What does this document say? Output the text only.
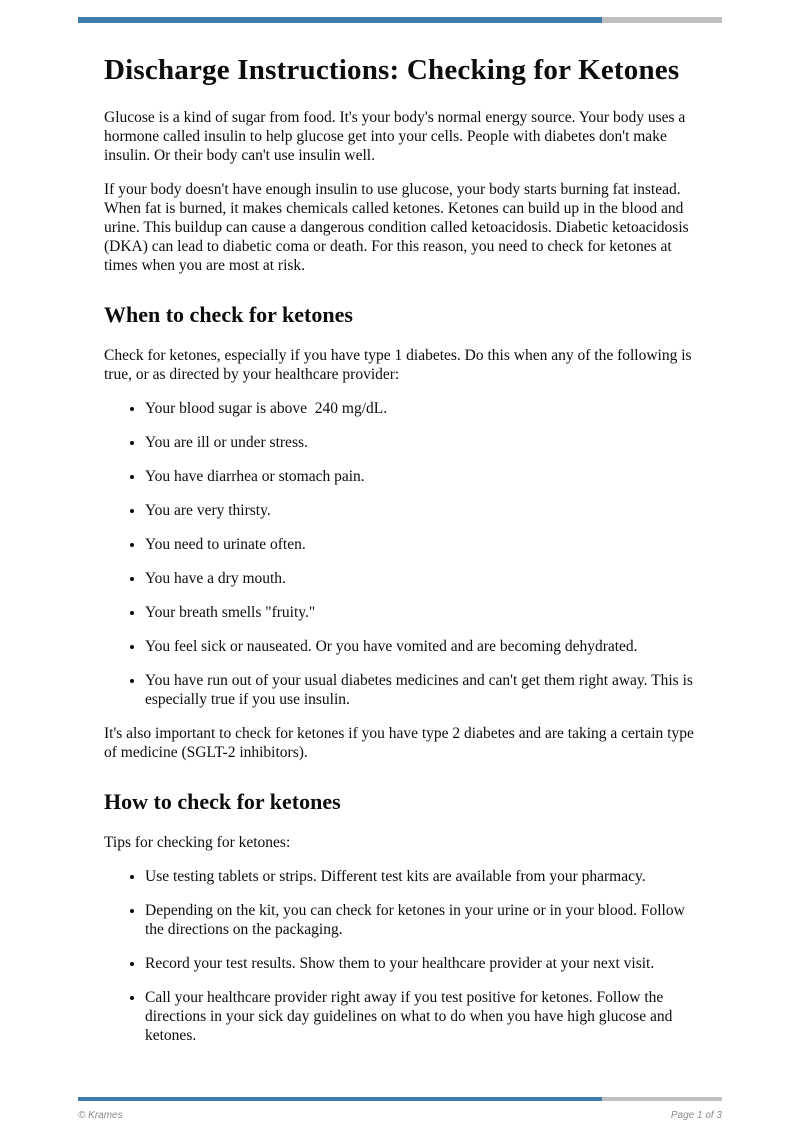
Discharge Instructions: Checking for Ketones

Glucose is a kind of sugar from food. It's your body's normal energy source. Your body uses a hormone called insulin to help glucose get into your cells. People with diabetes don't make insulin. Or their body can't use insulin well.

If your body doesn't have enough insulin to use glucose, your body starts burning fat instead. When fat is burned, it makes chemicals called ketones. Ketones can build up in the blood and urine. This buildup can cause a dangerous condition called ketoacidosis. Diabetic ketoacidosis (DKA) can lead to diabetic coma or death. For this reason, you need to check for ketones at times when you are most at risk.

When to check for ketones

Check for ketones, especially if you have type 1 diabetes. Do this when any of the following is true, or as directed by your healthcare provider:

• Your blood sugar is above  240 mg/dL.
• You are ill or under stress.
• You have diarrhea or stomach pain.
• You are very thirsty.
• You need to urinate often.
• You have a dry mouth.
• Your breath smells "fruity."
• You feel sick or nauseated. Or you have vomited and are becoming dehydrated.
• You have run out of your usual diabetes medicines and can't get them right away. This is especially true if you use insulin.

It's also important to check for ketones if you have type 2 diabetes and are taking a certain type of medicine (SGLT-2 inhibitors).

How to check for ketones

Tips for checking for ketones:

• Use testing tablets or strips. Different test kits are available from your pharmacy.
• Depending on the kit, you can check for ketones in your urine or in your blood. Follow the directions on the packaging.
• Record your test results. Show them to your healthcare provider at your next visit.
• Call your healthcare provider right away if you test positive for ketones. Follow the directions in your sick day guidelines on what to do when you have high glucose and ketones.
© Krames	Page 1 of 3
